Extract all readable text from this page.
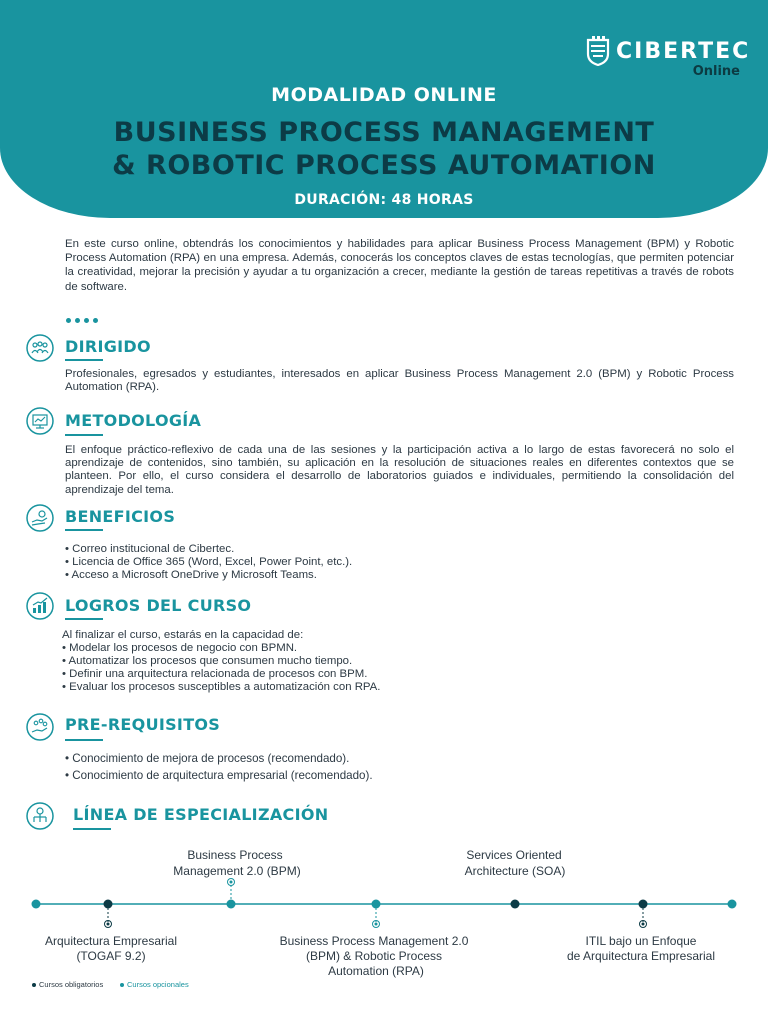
CIBERTEC
Online
MODALIDAD ONLINE
BUSINESS PROCESS MANAGEMENT
& ROBOTIC PROCESS AUTOMATION
DURACIÓN: 48 HORAS
En este curso online, obtendrás los conocimientos y habilidades para aplicar Business Process Management (BPM) y Robotic Process Automation (RPA) en una empresa. Además, conocerás los conceptos claves de estas tecnologías, que permiten potenciar la creatividad, mejorar la precisión y ayudar a tu organización a crecer, mediante la gestión de tareas repetitivas a través de robots de software.
DIRIGIDO
Profesionales, egresados y estudiantes, interesados en aplicar Business Process Management 2.0 (BPM) y Robotic Process Automation (RPA).
METODOLOGÍA
El enfoque práctico-reflexivo de cada una de las sesiones y la participación activa a lo largo de estas favorecerá no solo el aprendizaje de contenidos, sino también, su aplicación en la resolución de situaciones reales en diferentes contextos que se planteen. Por ello, el curso considera el desarrollo de laboratorios guiados e individuales, permitiendo la consolidación del aprendizaje del tema.
BENEFICIOS
• Correo institucional de Cibertec.
• Licencia de Office 365 (Word, Excel, Power Point, etc.).
• Acceso a Microsoft OneDrive y Microsoft Teams.
LOGROS DEL CURSO
Al finalizar el curso, estarás en la capacidad de:
• Modelar los procesos de negocio con BPMN.
• Automatizar los procesos que consumen mucho tiempo.
• Definir una arquitectura relacionada de procesos con BPM.
• Evaluar los procesos susceptibles a automatización con RPA.
PRE-REQUISITOS
• Conocimiento de mejora de procesos (recomendado).
• Conocimiento de arquitectura empresarial (recomendado).
LÍNEA DE ESPECIALIZACIÓN
Business Process
Management 2.0 (BPM)
Services Oriented
Architecture (SOA)
Arquitectura Empresarial
(TOGAF 9.2)
Business Process Management 2.0
(BPM) & Robotic Process
Automation (RPA)
ITIL bajo un Enfoque
de Arquitectura Empresarial
Cursos obligatorios	Cursos opcionales
